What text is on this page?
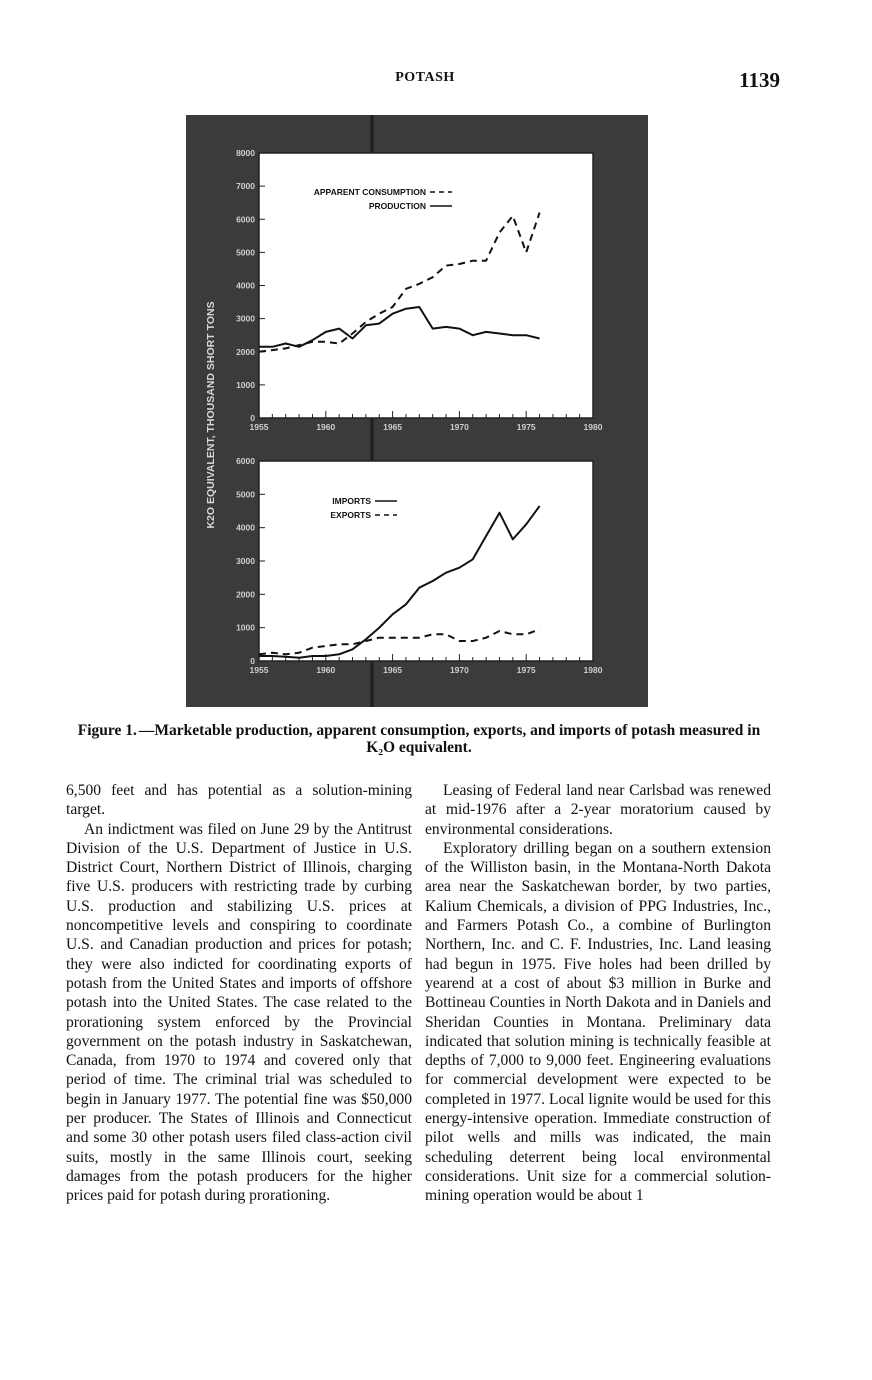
POTASH	1139
K2O EQUIVALENT, THOUSAND SHORT TONS	0
1000
2000
3000
4000
5000
6000
7000
8000
1955	1960	1965	1970	1975	1980
APPARENT CONSUMPTION
PRODUCTION
0
1000
2000
3000
4000
5000
6000
1955	1960	1965	1970	1975	1980
IMPORTS
EXPORTS
Figure 1. —Marketable production, apparent consumption, exports, and imports of potash measured in K₂O equivalent.

6,500 feet and has potential as a solution-mining target.

An indictment was filed on June 29 by the Antitrust Division of the U.S. Department of Justice in U.S. District Court, Northern District of Illinois, charging five U.S. producers with restricting trade by curbing U.S. production and stabilizing U.S. prices at noncompetitive levels and conspiring to coordinate U.S. and Canadian production and prices for potash; they were also indicted for coordinating exports of potash from the United States and imports of offshore potash into the United States. The case related to the prorationing system enforced by the Provincial government on the potash industry in Saskatchewan, Canada, from 1970 to 1974 and covered only that period of time. The criminal trial was scheduled to begin in January 1977. The potential fine was $50,000 per producer. The States of Illinois and Connecticut and some 30 other potash users filed class-action civil suits, mostly in the same Illinois court, seeking damages from the potash producers for the higher prices paid for potash during prorationing.

Leasing of Federal land near Carlsbad was renewed at mid-1976 after a 2-year moratorium caused by environmental considerations.

Exploratory drilling began on a southern extension of the Williston basin, in the Montana-North Dakota area near the Saskatchewan border, by two parties, Kalium Chemicals, a division of PPG Industries, Inc., and Farmers Potash Co., a combine of Burlington Northern, Inc. and C. F. Industries, Inc. Land leasing had begun in 1975. Five holes had been drilled by yearend at a cost of about $3 million in Burke and Bottineau Counties in North Dakota and in Daniels and Sheridan Counties in Montana. Preliminary data indicated that solution mining is technically feasible at depths of 7,000 to 9,000 feet. Engineering evaluations for commercial development were expected to be completed in 1977. Local lignite would be used for this energy-intensive operation. Immediate construction of pilot wells and mills was indicated, the main scheduling deterrent being local environmental considerations. Unit size for a commercial solution-mining operation would be about 1
